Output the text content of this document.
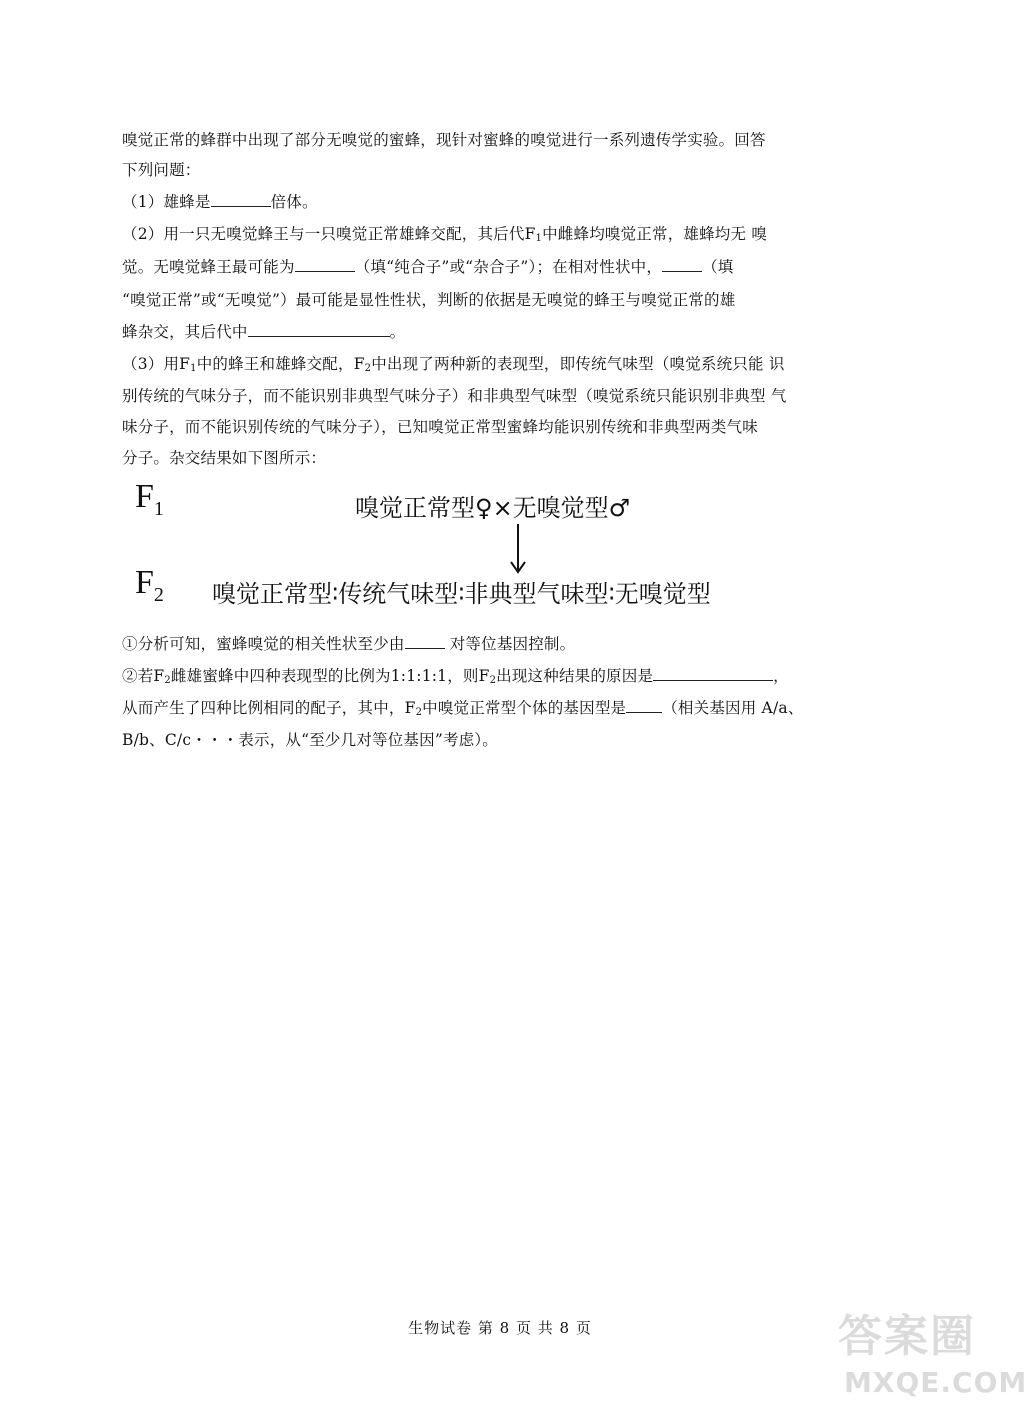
嗅觉正常的蜂群中出现了部分无嗅觉的蜜蜂，现针对蜜蜂的嗅觉进行一系列遗传学实验。回答
下列问题：
（1）雄蜂是	倍体。
（2）用一只无嗅觉蜂王与一只嗅觉正常雄蜂交配，其后代$F_1$中雌蜂均嗅觉正常，雄蜂均无 嗅
觉。无嗅觉蜂王最可能为	（填“纯合子”或“杂合子”）；在相对性状中，	（填
“嗅觉正常”或“无嗅觉”）最可能是显性性状，判断的依据是无嗅觉的蜂王与嗅觉正常的雄
蜂杂交，其后代中	。
（3）用$F_1$中的蜂王和雄蜂交配，$F_2$中出现了两种新的表现型，即传统气味型（嗅觉系统只能 识
别传统的气味分子，而不能识别非典型气味分子）和非典型气味型（嗅觉系统只能识别非典型 气
味分子，而不能识别传统的气味分子），已知嗅觉正常型蜜蜂均能识别传统和非典型两类气味
分子。杂交结果如下图所示：
$F_1$	嗅觉正常型♀×无嗅觉型♂
$F_2$ 嗅觉正常型∶传统气味型∶非典型气味型∶无嗅觉型
①分析可知，蜜蜂嗅觉的相关性状至少由	对等位基因控制。
②若$F_2$雌雄蜜蜂中四种表现型的比例为1:1:1:1，则$F_2$出现这种结果的原因是	，
从而产生了四种比例相同的配子，其中，$F_2$中嗅觉正常型个体的基因型是 （相关基因用 A/a、
B/b、C/c・・・表示，从“至少几对等位基因”考虑）。
生物试卷 第 8 页 共 8 页	答案圈
MXQE.COM
